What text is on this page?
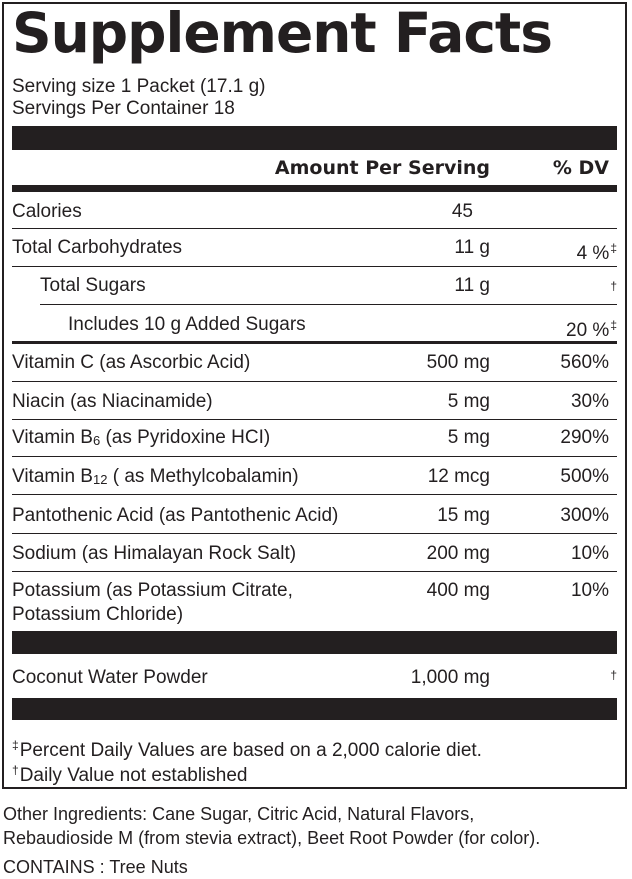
Supplement Facts
Serving size 1 Packet (17.1 g)
Servings Per Container 18
Amount Per Serving	% DV
Calories	45
Total Carbohydrates	11 g	4 %‡
Total Sugars	11 g	†
Includes 10 g Added Sugars	20 %‡
Vitamin C (as Ascorbic Acid)	500 mg	560%
Niacin (as Niacinamide)	5 mg	30%
Vitamin B6 (as Pyridoxine HCI)	5 mg	290%
Vitamin B12 ( as Methylcobalamin)	12 mcg	500%
Pantothenic Acid (as Pantothenic Acid)	15 mg	300%
Sodium (as Himalayan Rock Salt)	200 mg	10%
Potassium (as Potassium Citrate,
Potassium Chloride)
400 mg	10%
Coconut Water Powder	1,000 mg	†
‡Percent Daily Values are based on a 2,000 calorie diet.
†Daily Value not established
Other Ingredients: Cane Sugar, Citric Acid, Natural Flavors,
Rebaudioside M (from stevia extract), Beet Root Powder (for color).
CONTAINS : Tree Nuts
